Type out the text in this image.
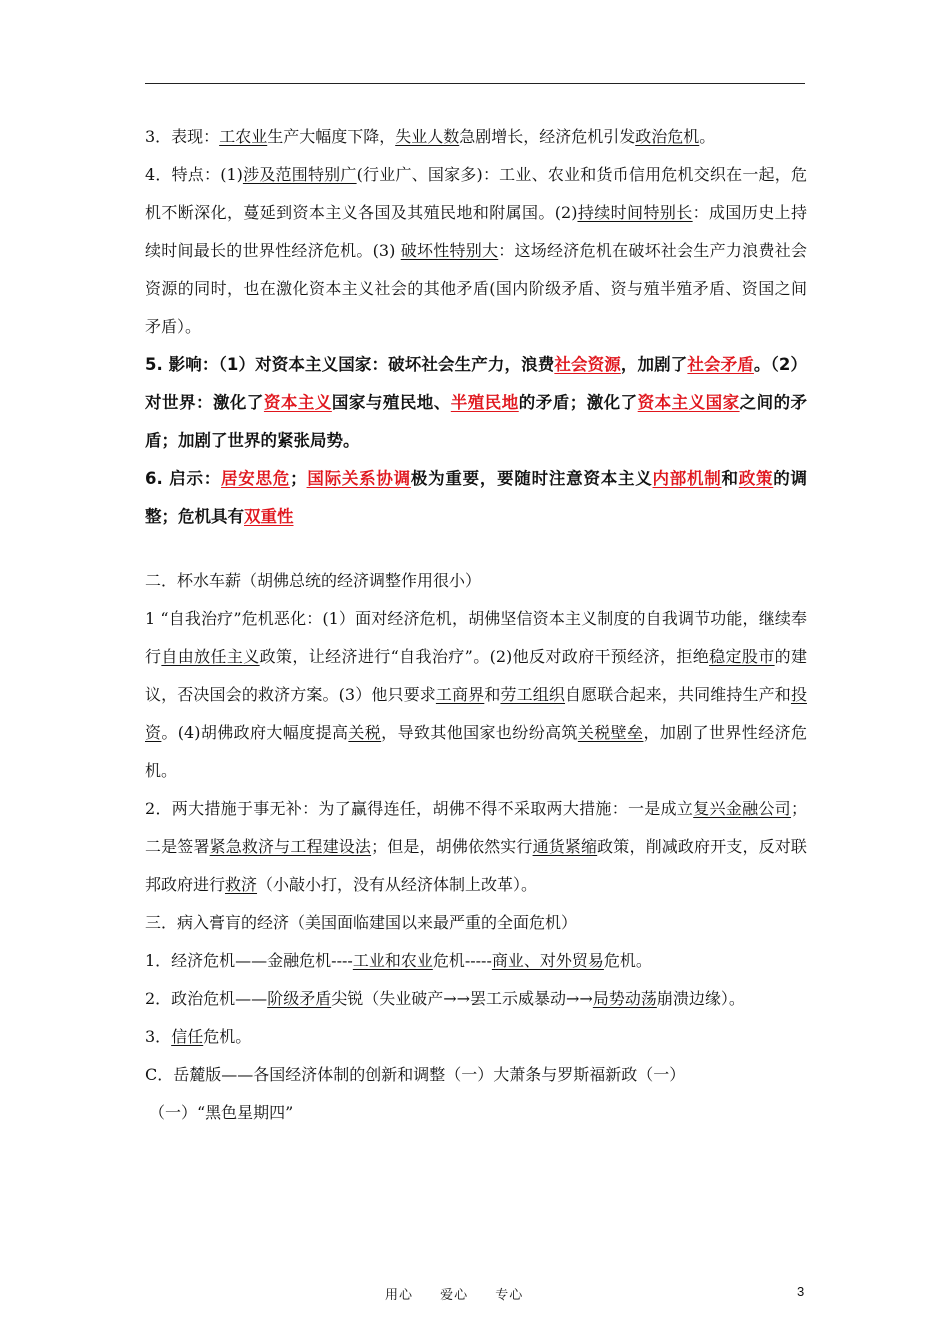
3．表现：工农业生产大幅度下降，失业人数急剧增长，经济危机引发政治危机。

4．特点：(1)涉及范围特别广(行业广、国家多)：工业、农业和货币信用危机交织在一起，危机不断深化，蔓延到资本主义各国及其殖民地和附属国。(2)持续时间特别长：成国历史上持续时间最长的世界性经济危机。(3) 破坏性特别大：这场经济危机在破坏社会生产力浪费社会资源的同时，也在激化资本主义社会的其他矛盾(国内阶级矛盾、资与殖半殖矛盾、资国之间矛盾）。

5. 影响：（1）对资本主义国家：破坏社会生产力，浪费社会资源，加剧了社会矛盾。（2）对世界：激化了资本主义国家与殖民地、半殖民地的矛盾；激化了资本主义国家之间的矛盾；加剧了世界的紧张局势。

6. 启示：居安思危；国际关系协调极为重要，要随时注意资本主义内部机制和政策的调整；危机具有双重性

二．杯水车薪（胡佛总统的经济调整作用很小）

1 “自我治疗”危机恶化：(1）面对经济危机，胡佛坚信资本主义制度的自我调节功能，继续奉行自由放任主义政策，让经济进行“自我治疗”。(2)他反对政府干预经济，拒绝稳定股市的建议，否决国会的救济方案。(3）他只要求工商界和劳工组织自愿联合起来，共同维持生产和投资。(4)胡佛政府大幅度提高关税，导致其他国家也纷纷高筑关税壁垒，加剧了世界性经济危机。

2．两大措施于事无补：为了赢得连任，胡佛不得不采取两大措施：一是成立复兴金融公司；二是签署紧急救济与工程建设法；但是，胡佛依然实行通货紧缩政策，削减政府开支，反对联邦政府进行救济（小敲小打，没有从经济体制上改革）。

三．病入膏肓的经济（美国面临建国以来最严重的全面危机）

1．经济危机——金融危机----工业和农业危机-----商业、对外贸易危机。

2．政治危机——阶级矛盾尖锐（失业破产→→罢工示威暴动→→局势动荡崩溃边缘）。

3．信任危机。

C．岳麓版——各国经济体制的创新和调整（一）大萧条与罗斯福新政（一）

（一）“黑色星期四”

用心 爱心 专心	3
